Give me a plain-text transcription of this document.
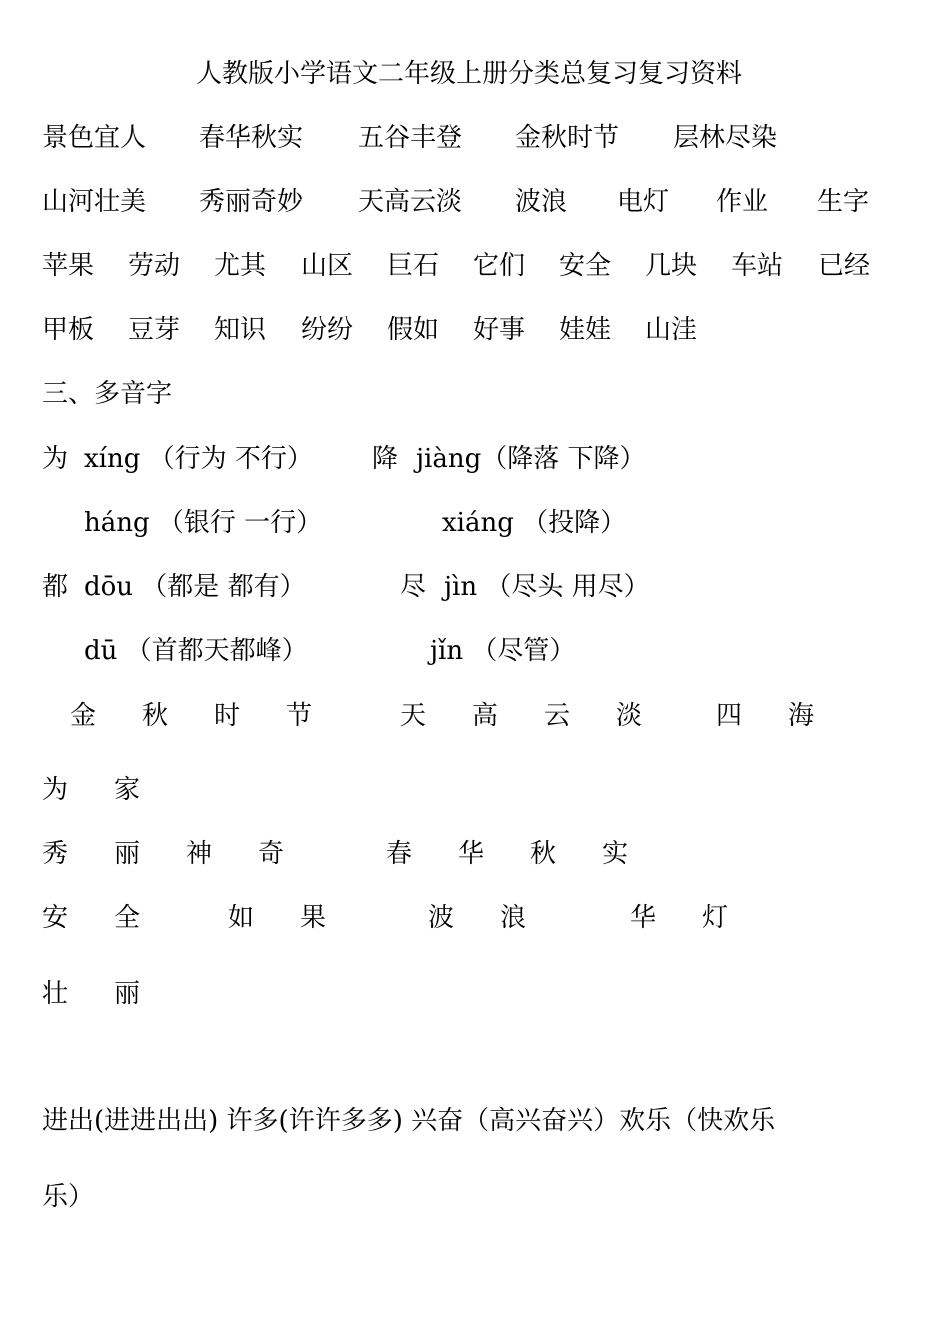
人教版小学语文二年级上册分类总复习复习资料
景色宜人 春华秋实 五谷丰登 金秋时节 层林尽染
山河壮美 秀丽奇妙 天高云淡 波浪 电灯 作业 生字
苹果 劳动 尤其 山区 巨石 它们 安全 几块 车站 已经
甲板 豆芽 知识 纷纷 假如 好事 娃娃 山洼
三、多音字
为 xíng （行为 不行） 降 jiàng（降落 下降）
háng （银行 一行）	xiáng （投降）
都 dōu （都是 都有）	尽 jìn （尽头 用尽）
dū （首都天都峰）	jǐn （尽管）
金 秋 时 节	天 高 云 淡	四 海
为 家
秀 丽 神 奇	春 华 秋 实
安 全	如 果	波 浪	华 灯
壮 丽
进出(进进出出) 许多(许许多多) 兴奋（高兴奋兴）欢乐（快欢乐
乐）
